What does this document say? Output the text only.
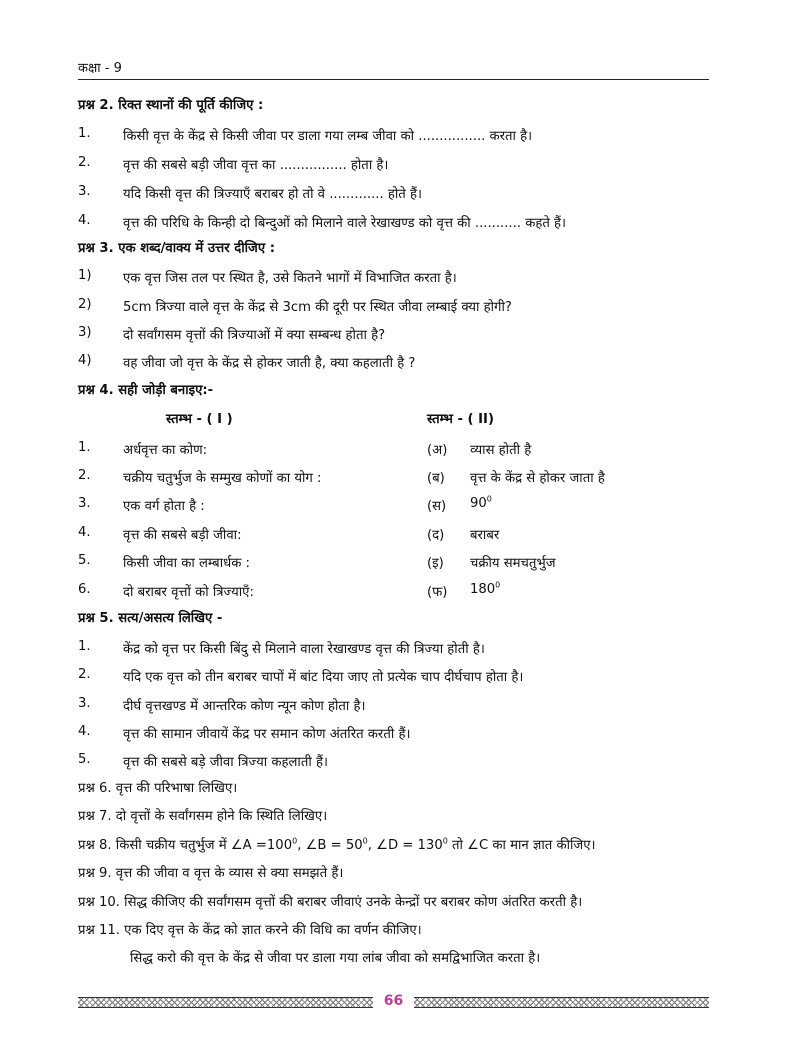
कक्षा - 9
प्रश्न 2. रिक्त स्थानों की पूर्ति कीजिए :
1. किसी वृत्त के केंद्र से किसी जीवा पर डाला गया लम्ब जीवा को ................ करता है।
2. वृत्त की सबसे बड़ी जीवा वृत्त का ................ होता है।
3. यदि किसी वृत्त की त्रिज्याएँ बराबर हो तो वे ............. होते हैं।
4. वृत्त की परिधि के किन्ही दो बिन्दुओं को मिलाने वाले रेखाखण्ड को वृत्त की ........... कहते हैं।
प्रश्न 3. एक शब्द/वाक्य में उत्तर दीजिए :
1) एक वृत्त जिस तल पर स्थित है, उसे कितने भागों में विभाजित करता है।
2) 5cm त्रिज्या वाले वृत्त के केंद्र से 3cm की दूरी पर स्थित जीवा लम्बाई क्या होगी?
3) दो सर्वांगसम वृत्तों की त्रिज्याओं में क्या सम्बन्ध होता है?
4) वह जीवा जो वृत्त के केंद्र से होकर जाती है, क्या कहलाती है ?
प्रश्न 4. सही जोड़ी बनाइए:-
स्तम्भ - ( I )	स्तम्भ - ( II)
1. अर्धवृत्त का कोण:	(अ) व्यास होती है
2. चक्रीय चतुर्भुज के सम्मुख कोणों का योग :	(ब) वृत्त के केंद्र से होकर जाता है
3. एक वर्ग होता है :	(स) $90^0$
4. वृत्त की सबसे बड़ी जीवा:	(द) बराबर
5. किसी जीवा का लम्बार्धक :	(इ) चक्रीय समचतुर्भुज
6. दो बराबर वृत्तों को त्रिज्याएँ:	(फ) $180^0$
प्रश्न 5. सत्य/असत्य लिखिए -
1. केंद्र को वृत्त पर किसी बिंदु से मिलाने वाला रेखाखण्ड वृत्त की त्रिज्या होती है।
2. यदि एक वृत्त को तीन बराबर चापों में बांट दिया जाए तो प्रत्येक चाप दीर्घचाप होता है।
3. दीर्घ वृत्तखण्ड में आन्तरिक कोण न्यून कोण होता है।
4. वृत्त की सामान जीवायें केंद्र पर समान कोण अंतरित करती हैं।
5. वृत्त की सबसे बड़े जीवा त्रिज्या कहलाती हैं।
प्रश्न 6. वृत्त की परिभाषा लिखिए।
प्रश्न 7. दो वृत्तों के सर्वांगसम होने कि स्थिति लिखिए।
प्रश्न 8. किसी चक्रीय चतुर्भुज में ∠A $=100^0$, ∠B = $50^0$, ∠D = $130^0$ तो ∠C का मान ज्ञात कीजिए।
प्रश्न 9. वृत्त की जीवा व वृत्त के व्यास से क्या समझते हैं।
प्रश्न 10. सिद्ध कीजिए की सर्वांगसम वृत्तों की बराबर जीवाएं उनके केन्द्रों पर बराबर कोण अंतरित करती है।
प्रश्न 11. एक दिए वृत्त के केंद्र को ज्ञात करने की विधि का वर्णन कीजिए।
सिद्ध करो की वृत्त के केंद्र से जीवा पर डाला गया लांब जीवा को समद्विभाजित करता है।
66
